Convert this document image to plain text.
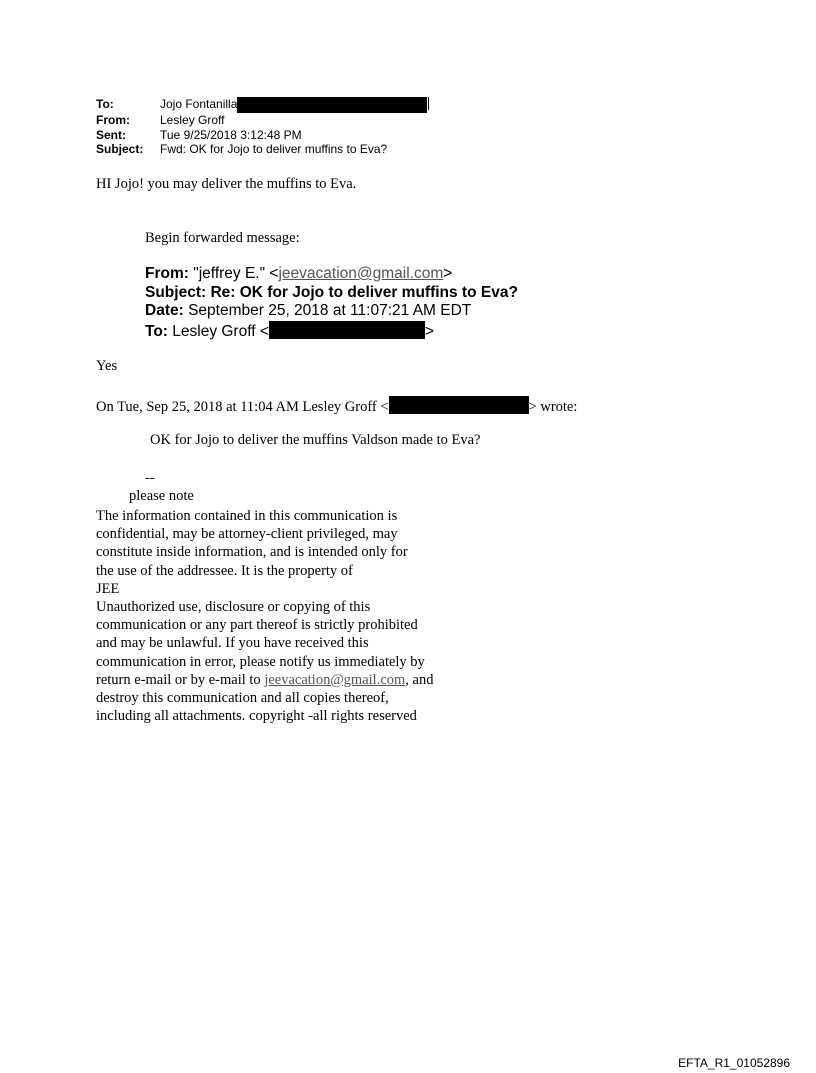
To:	Jojo Fontanilla
From:	Lesley Groff
Sent:	Tue 9/25/2018 3:12:48 PM
Subject:	Fwd: OK for Jojo to deliver muffins to Eva?
HI Jojo! you may deliver the muffins to Eva.
Begin forwarded message:
From: "jeffrey E." <jeevacation@gmail.com>
Subject: Re: OK for Jojo to deliver muffins to Eva?
Date: September 25, 2018 at 11:07:21 AM EDT
To: Lesley Groff <	>
Yes
On Tue, Sep 25, 2018 at 11:04 AM Lesley Groff <	> wrote:
OK for Jojo to deliver the muffins Valdson made to Eva?
--
please note
The information contained in this communication is
confidential, may be attorney-client privileged, may
constitute inside information, and is intended only for
the use of the addressee. It is the property of
JEE
Unauthorized use, disclosure or copying of this
communication or any part thereof is strictly prohibited
and may be unlawful. If you have received this
communication in error, please notify us immediately by
return e-mail or by e-mail to jeevacation@gmail.com, and
destroy this communication and all copies thereof,
including all attachments. copyright -all rights reserved
EFTA_R1_01052896
